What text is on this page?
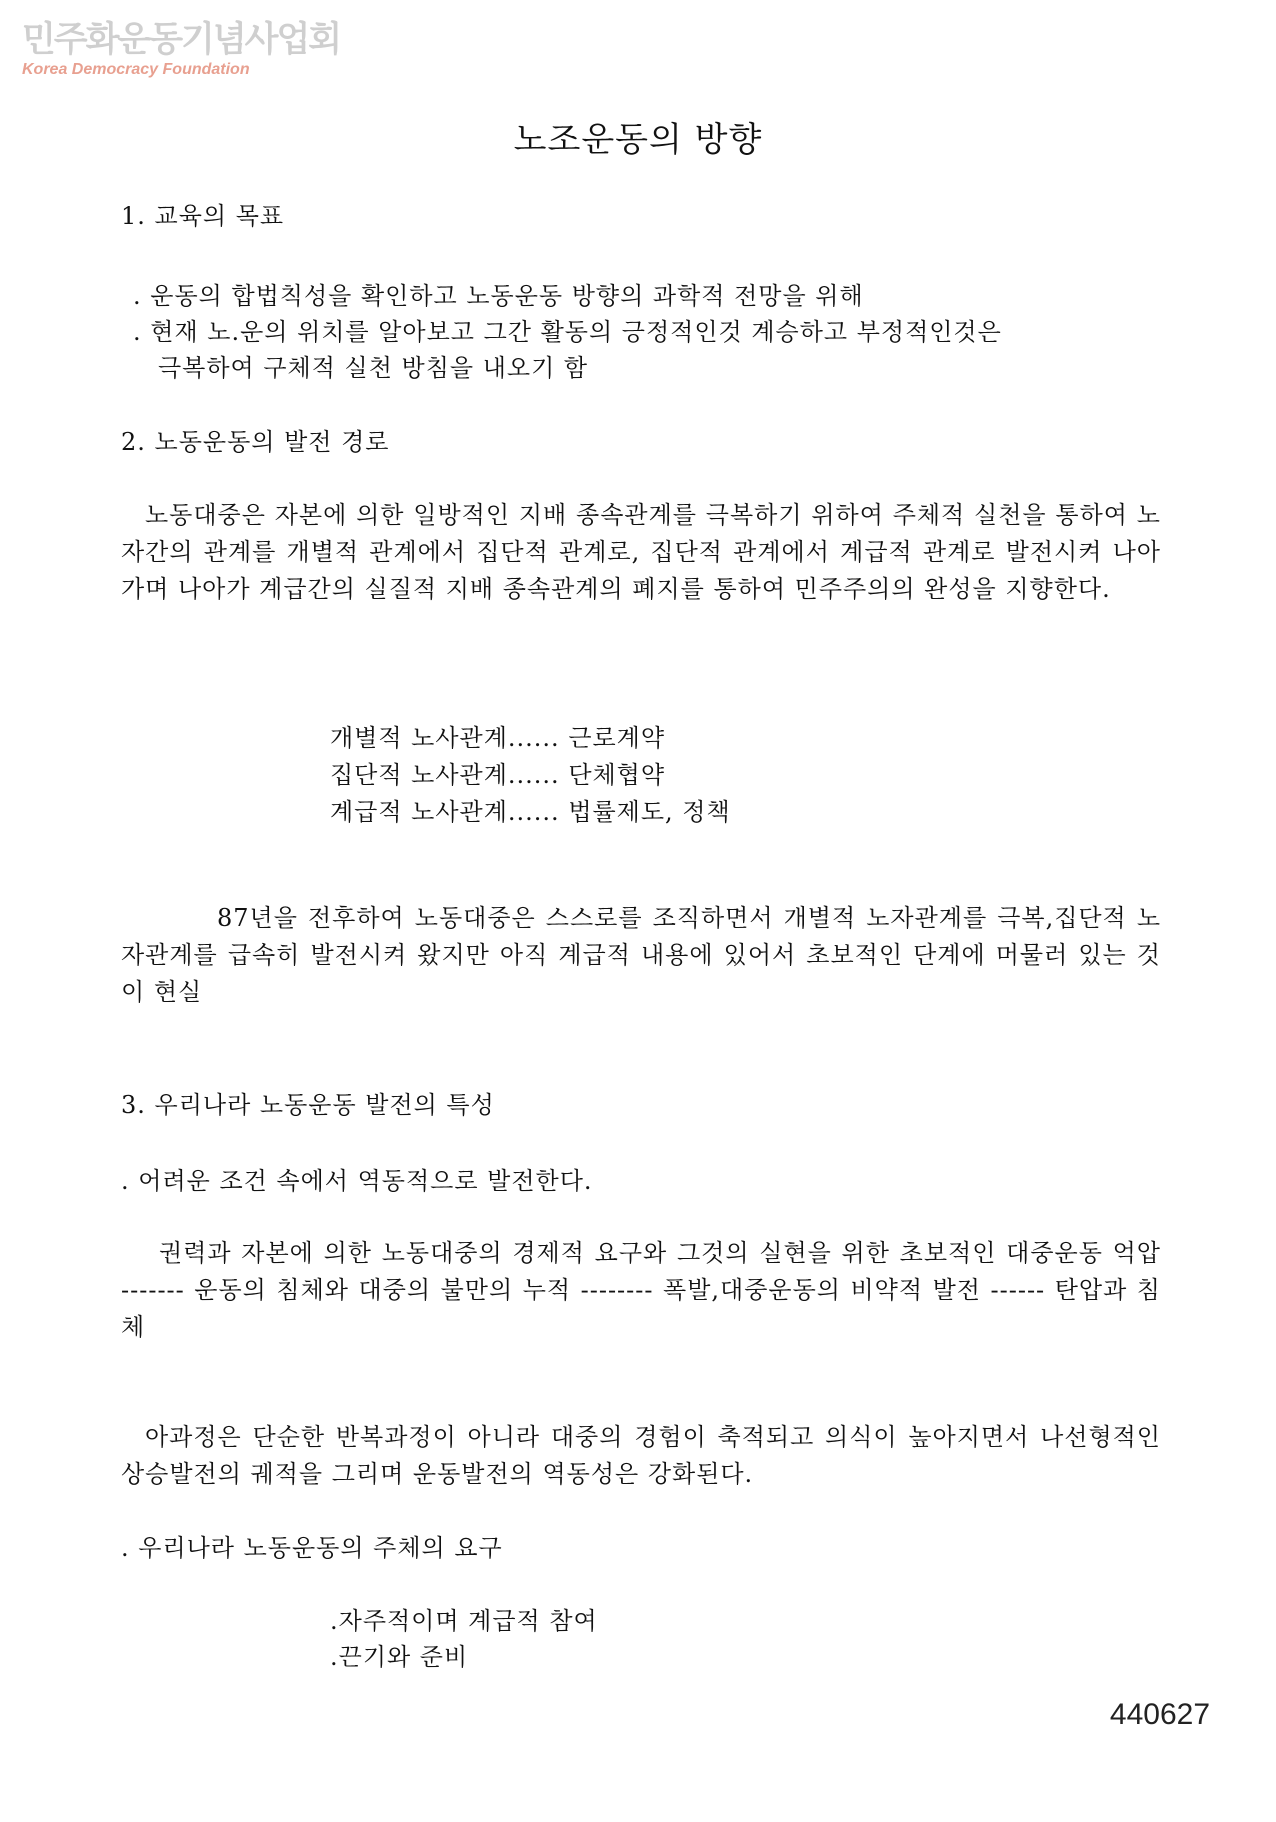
민주화운동기념사업회
Korea Democracy Foundation
노조운동의 방향
1. 교육의 목표
. 운동의 합법칙성을 확인하고 노동운동 방향의 과학적 전망을 위해
. 현재 노.운의 위치를 알아보고 그간 활동의 긍정적인것 계승하고 부정적인것은
극복하여 구체적 실천 방침을 내오기 함
2. 노동운동의 발전 경로
노동대중은 자본에 의한 일방적인 지배 종속관계를 극복하기 위하여 주체적 실천을 통하여 노자간의 관계를 개별적 관계에서 집단적 관계로, 집단적 관계에서 계급적 관계로 발전시켜 나아가며 나아가 계급간의 실질적 지배 종속관계의 폐지를 통하여 민주주의의 완성을 지향한다.
개별적 노사관계...... 근로계약
집단적 노사관계...... 단체협약
계급적 노사관계...... 법률제도, 정책
87년을 전후하여 노동대중은 스스로를 조직하면서 개별적 노자관계를 극복,집단적 노자관계를 급속히 발전시켜 왔지만 아직 계급적 내용에 있어서 초보적인 단계에 머물러 있는 것이 현실
3. 우리나라 노동운동 발전의 특성
. 어려운 조건 속에서 역동적으로 발전한다.
권력과 자본에 의한 노동대중의 경제적 요구와 그것의 실현을 위한 초보적인 대중운동 억압 ------- 운동의 침체와 대중의 불만의 누적 -------- 폭발,대중운동의 비약적 발전 ------ 탄압과 침체
아과정은 단순한 반복과정이 아니라 대중의 경험이 축적되고 의식이 높아지면서 나선형적인 상승발전의 궤적을 그리며 운동발전의 역동성은 강화된다.
. 우리나라 노동운동의 주체의 요구
.자주적이며 계급적 참여
.끈기와 준비
440627
